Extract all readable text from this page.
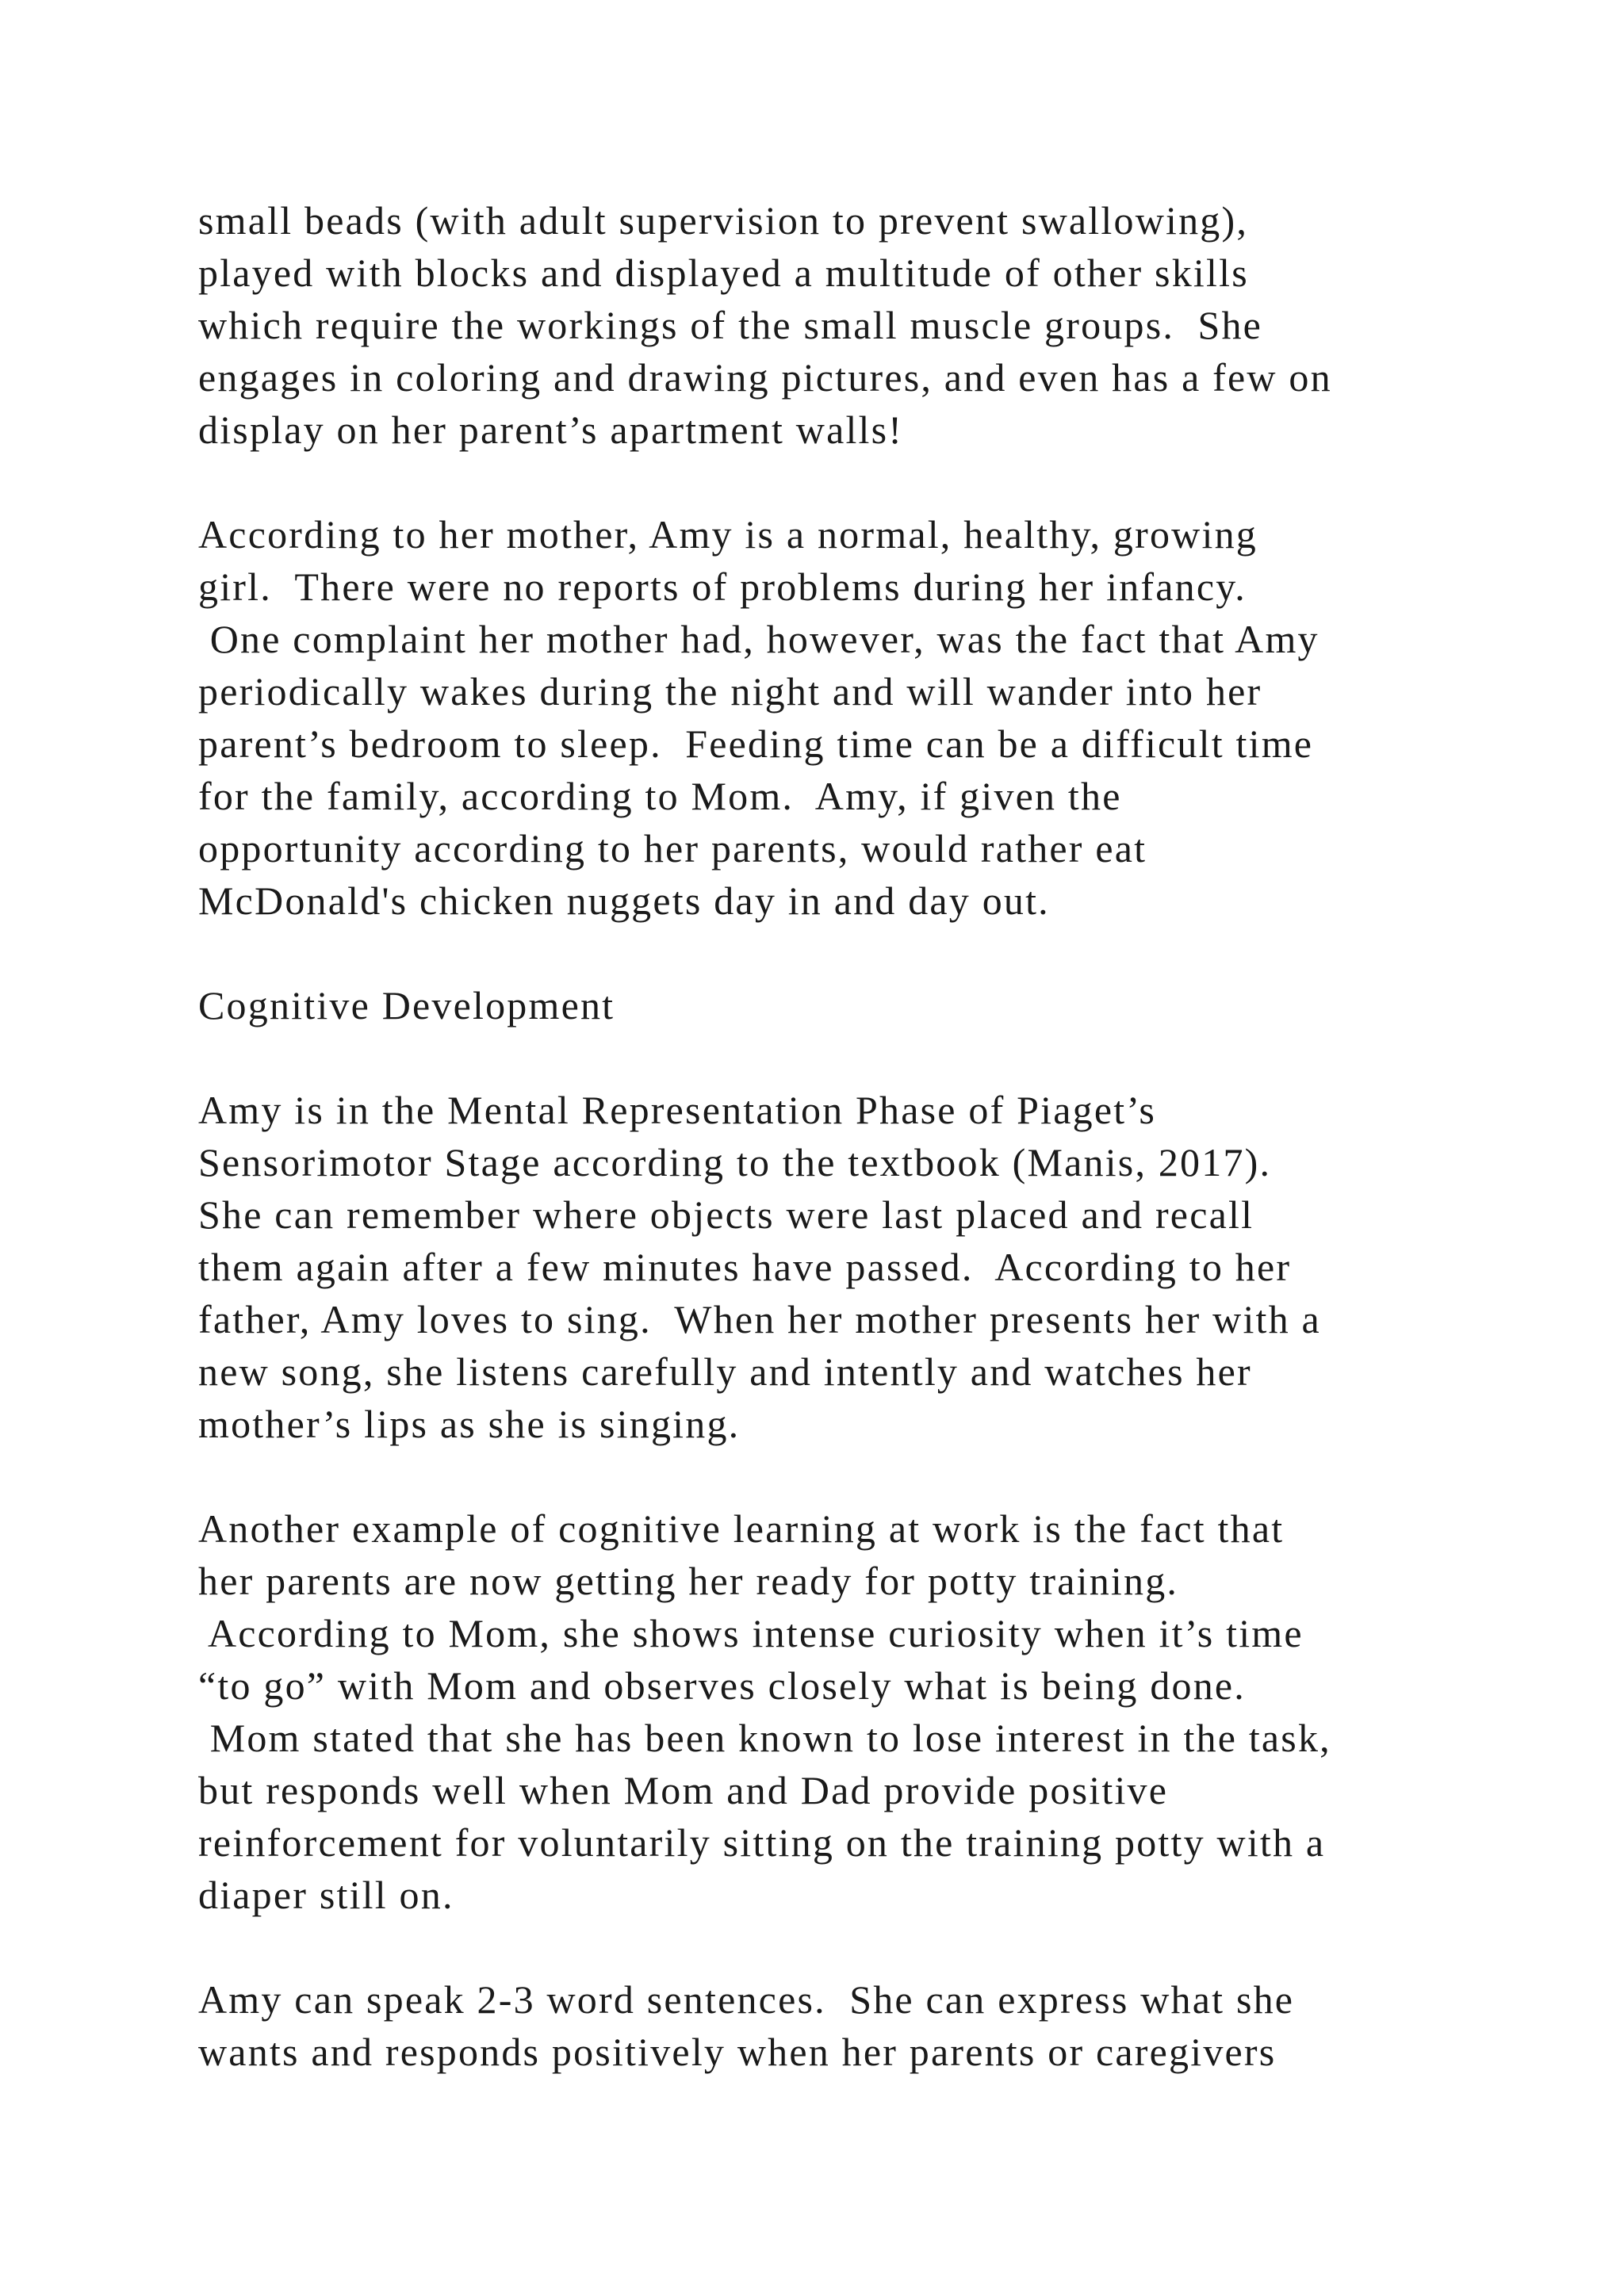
small beads (with adult supervision to prevent swallowing),

played with blocks and displayed a multitude of other skills

which require the workings of the small muscle groups.  She

engages in coloring and drawing pictures, and even has a few on

display on her parent’s apartment walls!

According to her mother, Amy is a normal, healthy, growing

girl.  There were no reports of problems during her infancy.

One complaint her mother had, however, was the fact that Amy

periodically wakes during the night and will wander into her

parent’s bedroom to sleep.  Feeding time can be a difficult time

for the family, according to Mom.  Amy, if given the

opportunity according to her parents, would rather eat

McDonald's chicken nuggets day in and day out.

Cognitive Development

Amy is in the Mental Representation Phase of Piaget’s

Sensorimotor Stage according to the textbook (Manis, 2017).

She can remember where objects were last placed and recall

them again after a few minutes have passed.  According to her

father, Amy loves to sing.  When her mother presents her with a

new song, she listens carefully and intently and watches her

mother’s lips as she is singing.

Another example of cognitive learning at work is the fact that

her parents are now getting her ready for potty training.

According to Mom, she shows intense curiosity when it’s time

“to go” with Mom and observes closely what is being done.

Mom stated that she has been known to lose interest in the task,

but responds well when Mom and Dad provide positive

reinforcement for voluntarily sitting on the training potty with a

diaper still on.

Amy can speak 2-3 word sentences.  She can express what she

wants and responds positively when her parents or caregivers
